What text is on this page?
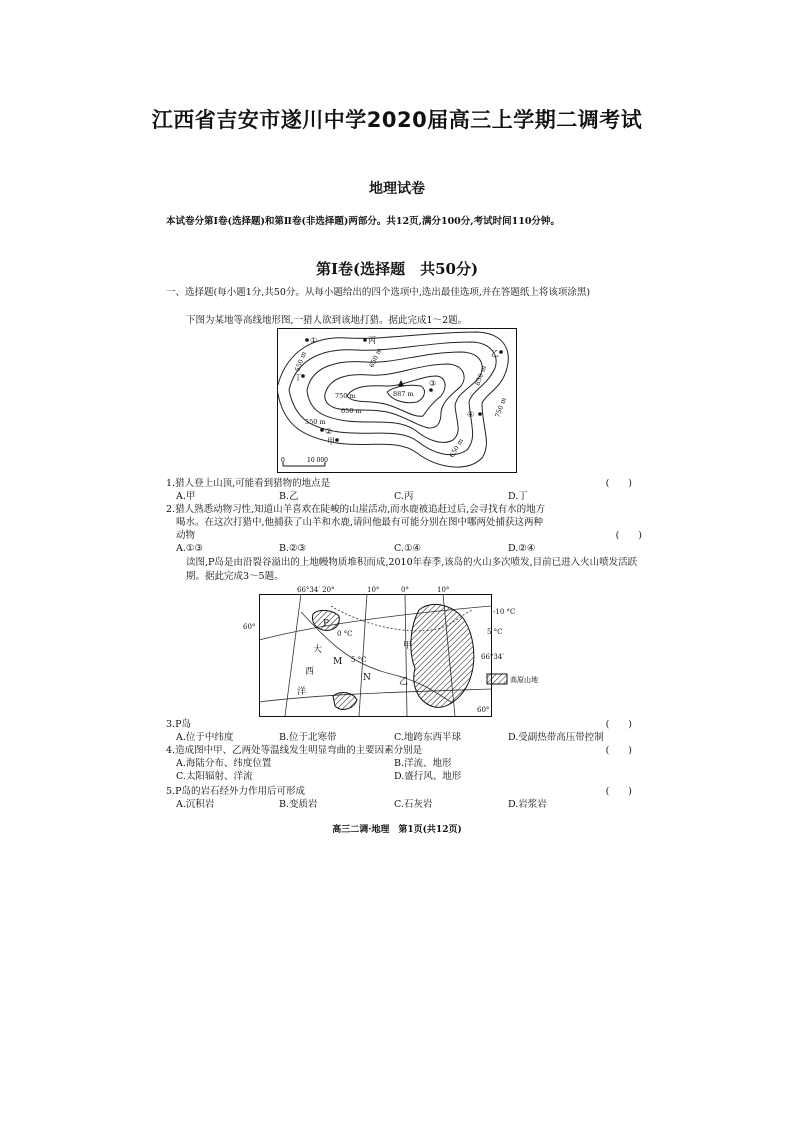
江西省吉安市遂川中学2020届高三上学期二调考试
地理试卷
本试卷分第Ⅰ卷(选择题)和第Ⅱ卷(非选择题)两部分。共12页,满分100分,考试时间110分钟。
第Ⅰ卷(选择题　共50分)
一、选择题(每小题1分,共50分。从每小题给出的四个选项中,选出最佳选项,并在答题纸上将该项涂黑)
下图为某地等高线地形图,一猎人欲到该地打猎。据此完成1～2题。
550 m	650 m
750 m
850 m
750 m
650 m
550 m
650 m
887 m
①
②
③
④
丙
乙
丁
甲
0	10 000
1.猎人登上山顶,可能看到猎物的地点是	(　　)
A.甲	B.乙	C.丙	D.丁
2.猎人熟悉动物习性,知道山羊喜欢在陡峻的山崖活动,而水鹿被追赶过后,会寻找有水的地方
喝水。在这次打猎中,他捕获了山羊和水鹿,请问他最有可能分别在图中哪两处捕获这两种
动物	(　　)
A.①③	B.②③	C.①④	D.②④
读图,P岛是由沿裂谷溢出的上地幔物质堆积而成,2010年春季,该岛的火山多次喷发,目前已进入火山喷发活跃期。据此完成3～5题。
66°34′ 20°	10°	0°	10°
60°
66°34′
60°
-10 °C
5 °C
0 °C
5 °C
P
大
西
洋
M
N
甲
乙	高原山地
3.P岛	(　　)
A.位于中纬度	B.位于北寒带	C.地跨东西半球	D.受副热带高压带控制
4.造成图中甲、乙两处等温线发生明显弯曲的主要因素分别是	(　　)
A.海陆分布、纬度位置	B.洋流、地形
C.太阳辐射、洋流	D.盛行风、地形
5.P岛的岩石经外力作用后可形成	(　　)
A.沉积岩	B.变质岩	C.石灰岩	D.岩浆岩
高三二调·地理　第1页(共12页)
